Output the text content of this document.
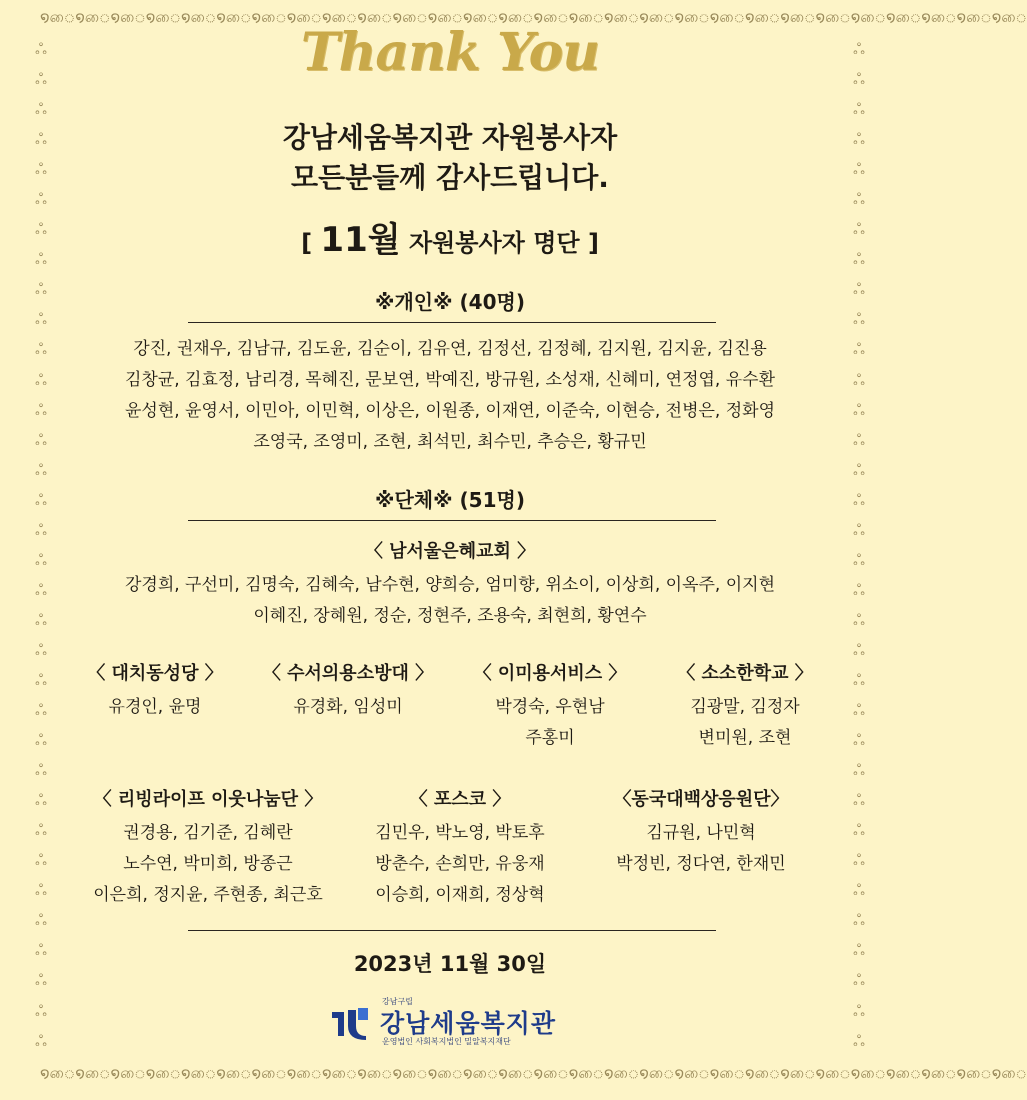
໑ை ໑ை ໑ை ໑ை ໑ை ໑ை ໑ை ໑ை ໑ை ໑ை ໑ை ໑ை ໑ை ໑ை ໑ை ໑ை ໑ை ໑ை ໑ை ໑ை ໑ை ໑ை ໑ை ໑ை ໑ை ໑ை ໑ை ໑ை
໑ை ໑ை ໑ை ໑ை ໑ை ໑ை ໑ை ໑ை ໑ை ໑ை ໑ை ໑ை ໑ை ໑ை ໑ை ໑ை ໑ை ໑ை ໑ை ໑ை ໑ை ໑ை ໑ை ໑ை ໑ை ໑ை ໑ை ໑ை
ஃ
ஃ
ஃ
ஃ
ஃ
ஃ
ஃ
ஃ
ஃ
ஃ
ஃ
ஃ
ஃ
ஃ
ஃ
ஃ
ஃ
ஃ
ஃ
ஃ
ஃ
ஃ
ஃ
ஃ
ஃ
ஃ
ஃ
ஃ
ஃ
ஃ
ஃ
ஃ
ஃ
ஃ
ஃ
ஃ
ஃ
ஃ
ஃ
ஃ
ஃ
ஃ
ஃ
ஃ
ஃ
ஃ
ஃ
ஃ
ஃ
ஃ
ஃ
ஃ
ஃ
ஃ
ஃ
ஃ
ஃ
ஃ
ஃ
ஃ
ஃ
ஃ
ஃ
ஃ
ஃ
ஃ
ஃ
ஃ
Thank You
강남세움복지관 자원봉사자
모든분들께 감사드립니다.
[ 11월 자원봉사자 명단 ]
※개인※ (40명)
강진, 권재우, 김남규, 김도윤, 김순이, 김유연, 김정선, 김정혜, 김지원, 김지윤, 김진용
김창균, 김효정, 남리경, 목혜진, 문보연, 박예진, 방규원, 소성재, 신혜미, 연정엽, 유수환
윤성현, 윤영서, 이민아, 이민혁, 이상은, 이원종, 이재연, 이준숙, 이현승, 전병은, 정화영
조영국, 조영미, 조현, 최석민, 최수민, 추승은, 황규민
※단체※ (51명)
〈 남서울은혜교회 〉
강경희, 구선미, 김명숙, 김혜숙, 남수현, 양희승, 엄미향, 위소이, 이상희, 이옥주, 이지현
이혜진, 장혜원, 정순, 정현주, 조용숙, 최현희, 황연수
〈 대치동성당 〉
유경인, 윤명
〈 수서의용소방대 〉
유경화, 임성미
〈 이미용서비스 〉
박경숙, 우현남
주홍미
〈 소소한학교 〉
김광말, 김정자
변미원, 조현
〈 리빙라이프 이웃나눔단 〉
권경용, 김기준, 김혜란
노수연, 박미희, 방종근
이은희, 정지윤, 주현종, 최근호
〈 포스코 〉
김민우, 박노영, 박토후
방춘수, 손희만, 유웅재
이승희, 이재희, 정상혁
〈동국대백상응원단〉
김규원, 나민혁
박정빈, 정다연, 한재민
2023년 11월 30일
강남구립
강남세움복지관
운영법인 사회복지법인 밀알복지재단
